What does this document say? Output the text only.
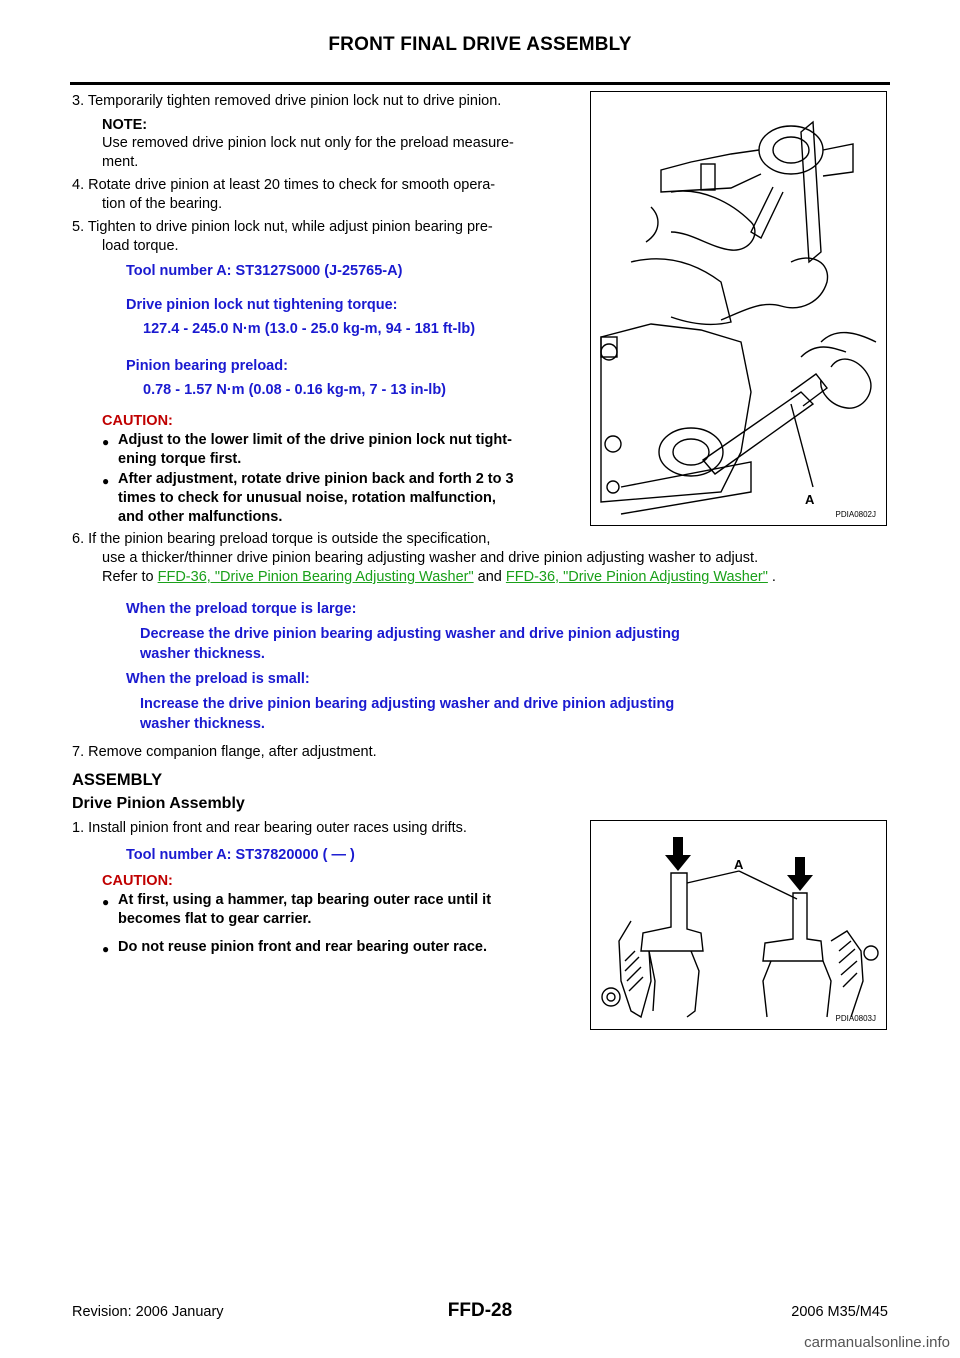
FRONT FINAL DRIVE ASSEMBLY
3. Temporarily tighten removed drive pinion lock nut to drive pinion.
NOTE:
Use removed drive pinion lock nut only for the preload measure-
ment.
4. Rotate drive pinion at least 20 times to check for smooth opera-
tion of the bearing.
5. Tighten to drive pinion lock nut, while adjust pinion bearing pre-
load torque.
Tool number A: ST3127S000 (J-25765-A)
Drive pinion lock nut tightening torque:
127.4 - 245.0 N·m (13.0 - 25.0 kg-m, 94 - 181 ft-lb)
Pinion bearing preload:
0.78 - 1.57 N·m (0.08 - 0.16 kg-m, 7 - 13 in-lb)
CAUTION:
● Adjust to the lower limit of the drive pinion lock nut tight-
ening torque first.
● After adjustment, rotate drive pinion back and forth 2 to 3
times to check for unusual noise, rotation malfunction,
and other malfunctions.
6. If the pinion bearing preload torque is outside the specification,
use a thicker/thinner drive pinion bearing adjusting washer and drive pinion adjusting washer to adjust.
Refer to FFD-36, "Drive Pinion Bearing Adjusting Washer" and FFD-36, "Drive Pinion Adjusting Washer" .
When the preload torque is large:
Decrease the drive pinion bearing adjusting washer and drive pinion adjusting
washer thickness.
When the preload is small:
Increase the drive pinion bearing adjusting washer and drive pinion adjusting
washer thickness.
7. Remove companion flange, after adjustment.
ASSEMBLY
Drive Pinion Assembly
1. Install pinion front and rear bearing outer races using drifts.
Tool number A: ST37820000 ( — )
CAUTION:
● At first, using a hammer, tap bearing outer race until it
becomes flat to gear carrier.
● Do not reuse pinion front and rear bearing outer race.
A
PDIA0802J
A
PDIA0803J
Revision: 2006 January	FFD-28	2006 M35/M45
carmanualsonline.info
